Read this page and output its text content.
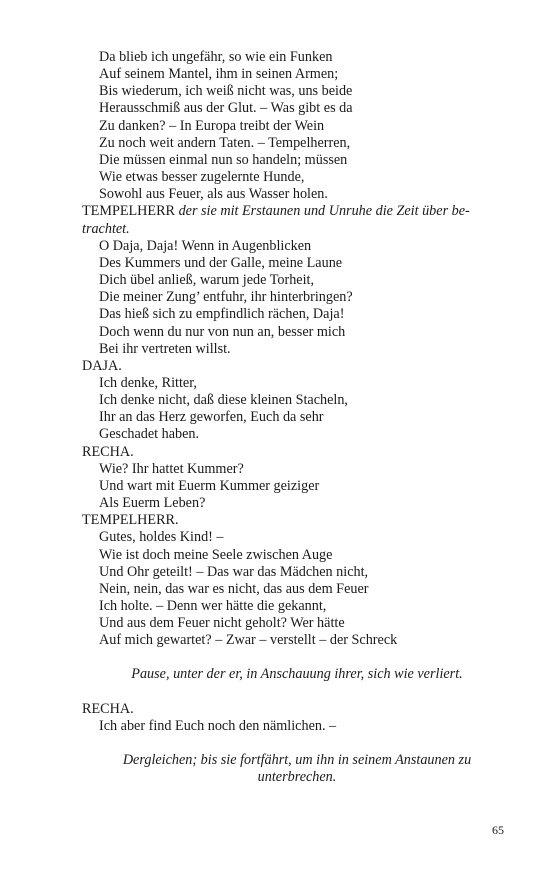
Da blieb ich ungefähr, so wie ein Funken
Auf seinem Mantel, ihm in seinen Armen;
Bis wiederum, ich weiß nicht was, uns beide
Herausschmiß aus der Glut. – Was gibt es da
Zu danken? – In Europa treibt der Wein
Zu noch weit andern Taten. – Tempelherren,
Die müssen einmal nun so handeln; müssen
Wie etwas besser zugelernte Hunde,
Sowohl aus Feuer, als aus Wasser holen.
TEMPELHERR der sie mit Erstaunen und Unruhe die Zeit über be-
trachtet.
O Daja, Daja! Wenn in Augenblicken
Des Kummers und der Galle, meine Laune
Dich übel anließ, warum jede Torheit,
Die meiner Zung’ entfuhr, ihr hinterbringen?
Das hieß sich zu empfindlich rächen, Daja!
Doch wenn du nur von nun an, besser mich
Bei ihr vertreten willst.
DAJA.
Ich denke, Ritter,
Ich denke nicht, daß diese kleinen Stacheln,
Ihr an das Herz geworfen, Euch da sehr
Geschadet haben.
RECHA.
Wie? Ihr hattet Kummer?
Und wart mit Euerm Kummer geiziger
Als Euerm Leben?
TEMPELHERR.
Gutes, holdes Kind! –
Wie ist doch meine Seele zwischen Auge
Und Ohr geteilt! – Das war das Mädchen nicht,
Nein, nein, das war es nicht, das aus dem Feuer
Ich holte. – Denn wer hätte die gekannt,
Und aus dem Feuer nicht geholt? Wer hätte
Auf mich gewartet? – Zwar – verstellt – der Schreck
Pause, unter der er, in Anschauung ihrer, sich wie verliert.
RECHA.
Ich aber find Euch noch den nämlichen. –
Dergleichen; bis sie fortfährt, um ihn in seinem Anstaunen zu unterbrechen.
65
